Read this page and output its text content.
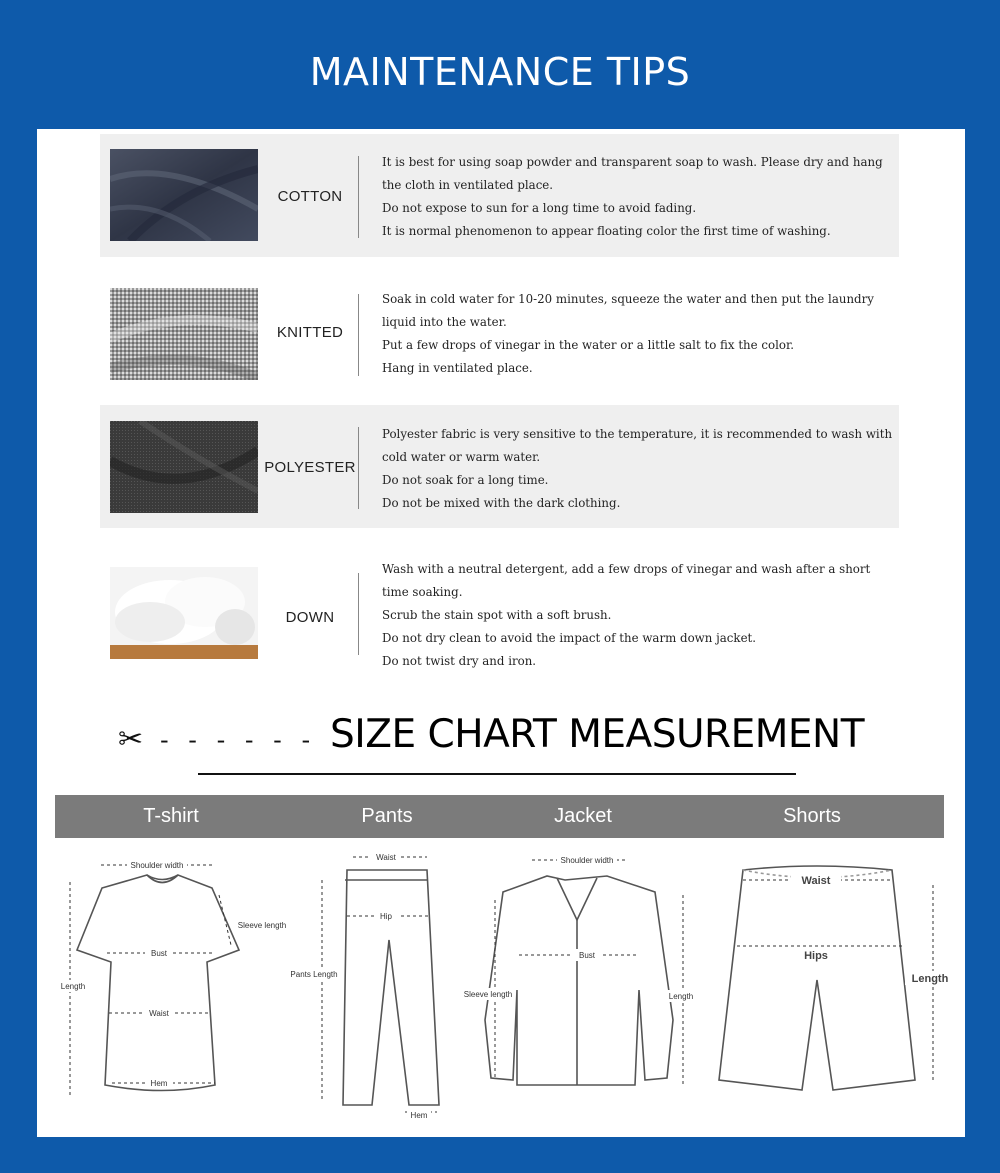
MAINTENANCE TIPS
COTTON
It is best for using soap powder and transparent soap to wash. Please dry and hang the cloth in ventilated place.
Do not expose to sun for a long time to avoid fading.
It is normal phenomenon to appear floating color the first time of washing.
KNITTED
Soak in cold water for 10-20 minutes, squeeze the water and then put the laundry liquid into the water.
Put a few drops of vinegar in the water or a little salt to fix the color.
Hang in ventilated place.
POLYESTER
Polyester fabric is very sensitive to the temperature, it is recommended to wash with cold water or warm water.
Do not soak for a long time.
Do not be mixed with the dark clothing.
DOWN
Wash with a neutral detergent, add a few drops of vinegar and wash after a short time soaking.
Scrub the stain spot with a soft brush.
Do not dry clean to avoid the impact of the warm down jacket.
Do not twist dry and iron.
✂ - - - - - - SIZE CHART MEASUREMENT
T-shirt	Pants	Jacket	Shorts
Shoulder width
Sleeve length
Bust
Length
Waist
Hem
Waist
Hip
Pants Length
Hem
Shoulder width
Bust
Sleeve length	Length
Waist
Hips
Length
